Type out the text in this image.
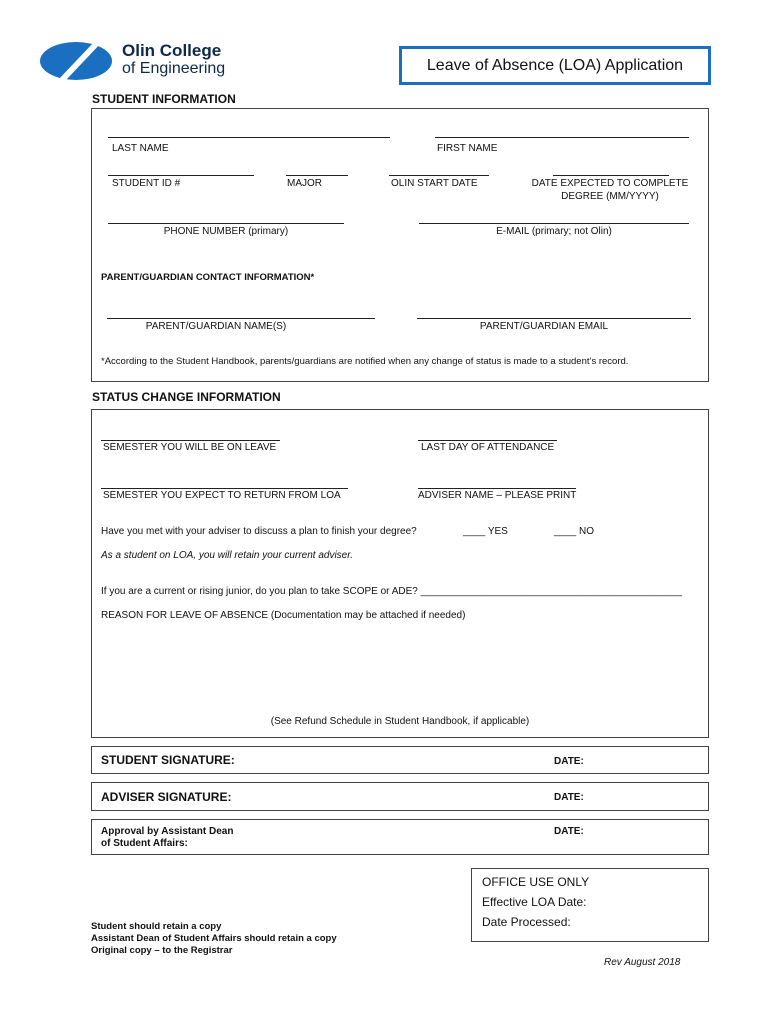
Olin College
of Engineering	Leave of Absence (LOA) Application
STUDENT INFORMATION
LAST NAME	FIRST NAME
STUDENT ID #	MAJOR	OLIN START DATE	DATE EXPECTED TO COMPLETE
DEGREE (MM/YYYY)
PHONE NUMBER (primary)	E-MAIL (primary; not Olin)
PARENT/GUARDIAN CONTACT INFORMATION*
PARENT/GUARDIAN NAME(S)	PARENT/GUARDIAN EMAIL
*According to the Student Handbook, parents/guardians are notified when any change of status is made to a student’s record.
STATUS CHANGE INFORMATION
SEMESTER YOU WILL BE ON LEAVE	LAST DAY OF ATTENDANCE
SEMESTER YOU EXPECT TO RETURN FROM LOA	ADVISER NAME – PLEASE PRINT
Have you met with your adviser to discuss a plan to finish your degree?	____ YES	____ NO
As a student on LOA, you will retain your current adviser.
If you are a current or rising junior, do you plan to take SCOPE or ADE? _______________________________________________
REASON FOR LEAVE OF ABSENCE (Documentation may be attached if needed)
(See Refund Schedule in Student Handbook, if applicable)
STUDENT SIGNATURE:	DATE:
ADVISER SIGNATURE:	DATE:
Approval by Assistant Dean
of Student Affairs:
DATE:
OFFICE USE ONLY
Effective LOA Date:
Date Processed:
Student should retain a copy
Assistant Dean of Student Affairs should retain a copy
Original copy – to the Registrar
Rev August 2018
